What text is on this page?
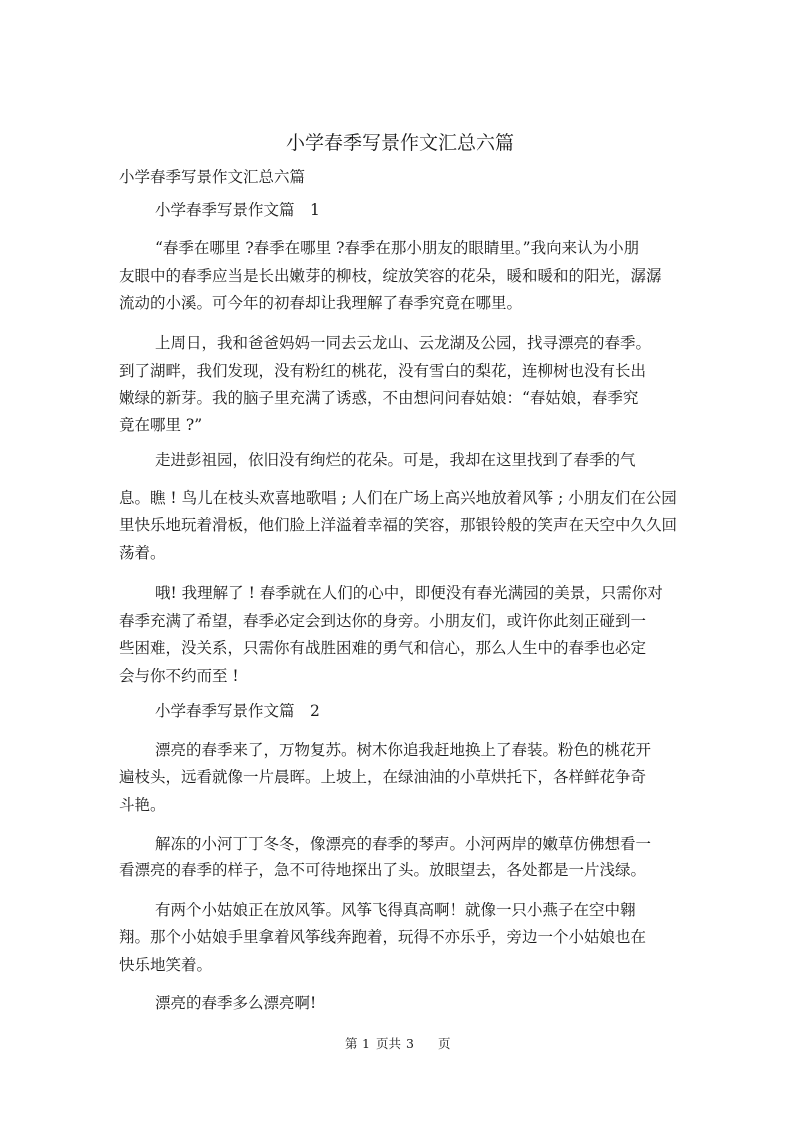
小学春季写景作文汇总六篇
小学春季写景作文汇总六篇
小学春季写景作文篇　1
“春季在哪里 ?春季在哪里 ?春季在那小朋友的眼睛里。”我向来认为小朋
友眼中的春季应当是长出嫩芽的柳枝，绽放笑容的花朵，暖和暖和的阳光，潺潺
流动的小溪。可今年的初春却让我理解了春季究竟在哪里。
上周日，我和爸爸妈妈一同去云龙山、云龙湖及公园，找寻漂亮的春季。
到了湖畔，我们发现，没有粉红的桃花，没有雪白的梨花，连柳树也没有长出
嫩绿的新芽。我的脑子里充满了诱惑，不由想问问春姑娘：“春姑娘，春季究
竟在哪里 ?”
走进彭祖园，依旧没有绚烂的花朵。可是，我却在这里找到了春季的气
息。瞧 ! 鸟儿在枝头欢喜地歌唱 ; 人们在广场上高兴地放着风筝 ; 小朋友们在公园
里快乐地玩着滑板，他们脸上洋溢着幸福的笑容，那银铃般的笑声在天空中久久回
荡着。
哦! 我理解了 ! 春季就在人们的心中，即便没有春光满园的美景，只需你对
春季充满了希望，春季必定会到达你的身旁。小朋友们，或许你此刻正碰到一
些困难，没关系，只需你有战胜困难的勇气和信心，那么人生中的春季也必定
会与你不约而至 !
小学春季写景作文篇　2
漂亮的春季来了，万物复苏。树木你追我赶地换上了春装。粉色的桃花开
遍枝头，远看就像一片晨晖。上坡上，在绿油油的小草烘托下，各样鲜花争奇
斗艳。
解冻的小河丁丁冬冬，像漂亮的春季的琴声。小河两岸的嫩草仿佛想看一
看漂亮的春季的样子，急不可待地探出了头。放眼望去，各处都是一片浅绿。
有两个小姑娘正在放风筝。风筝飞得真高啊！就像一只小燕子在空中翱
翔。那个小姑娘手里拿着风筝线奔跑着，玩得不亦乐乎，旁边一个小姑娘也在
快乐地笑着。
漂亮的春季多么漂亮啊!
第 1 页共 3 页
